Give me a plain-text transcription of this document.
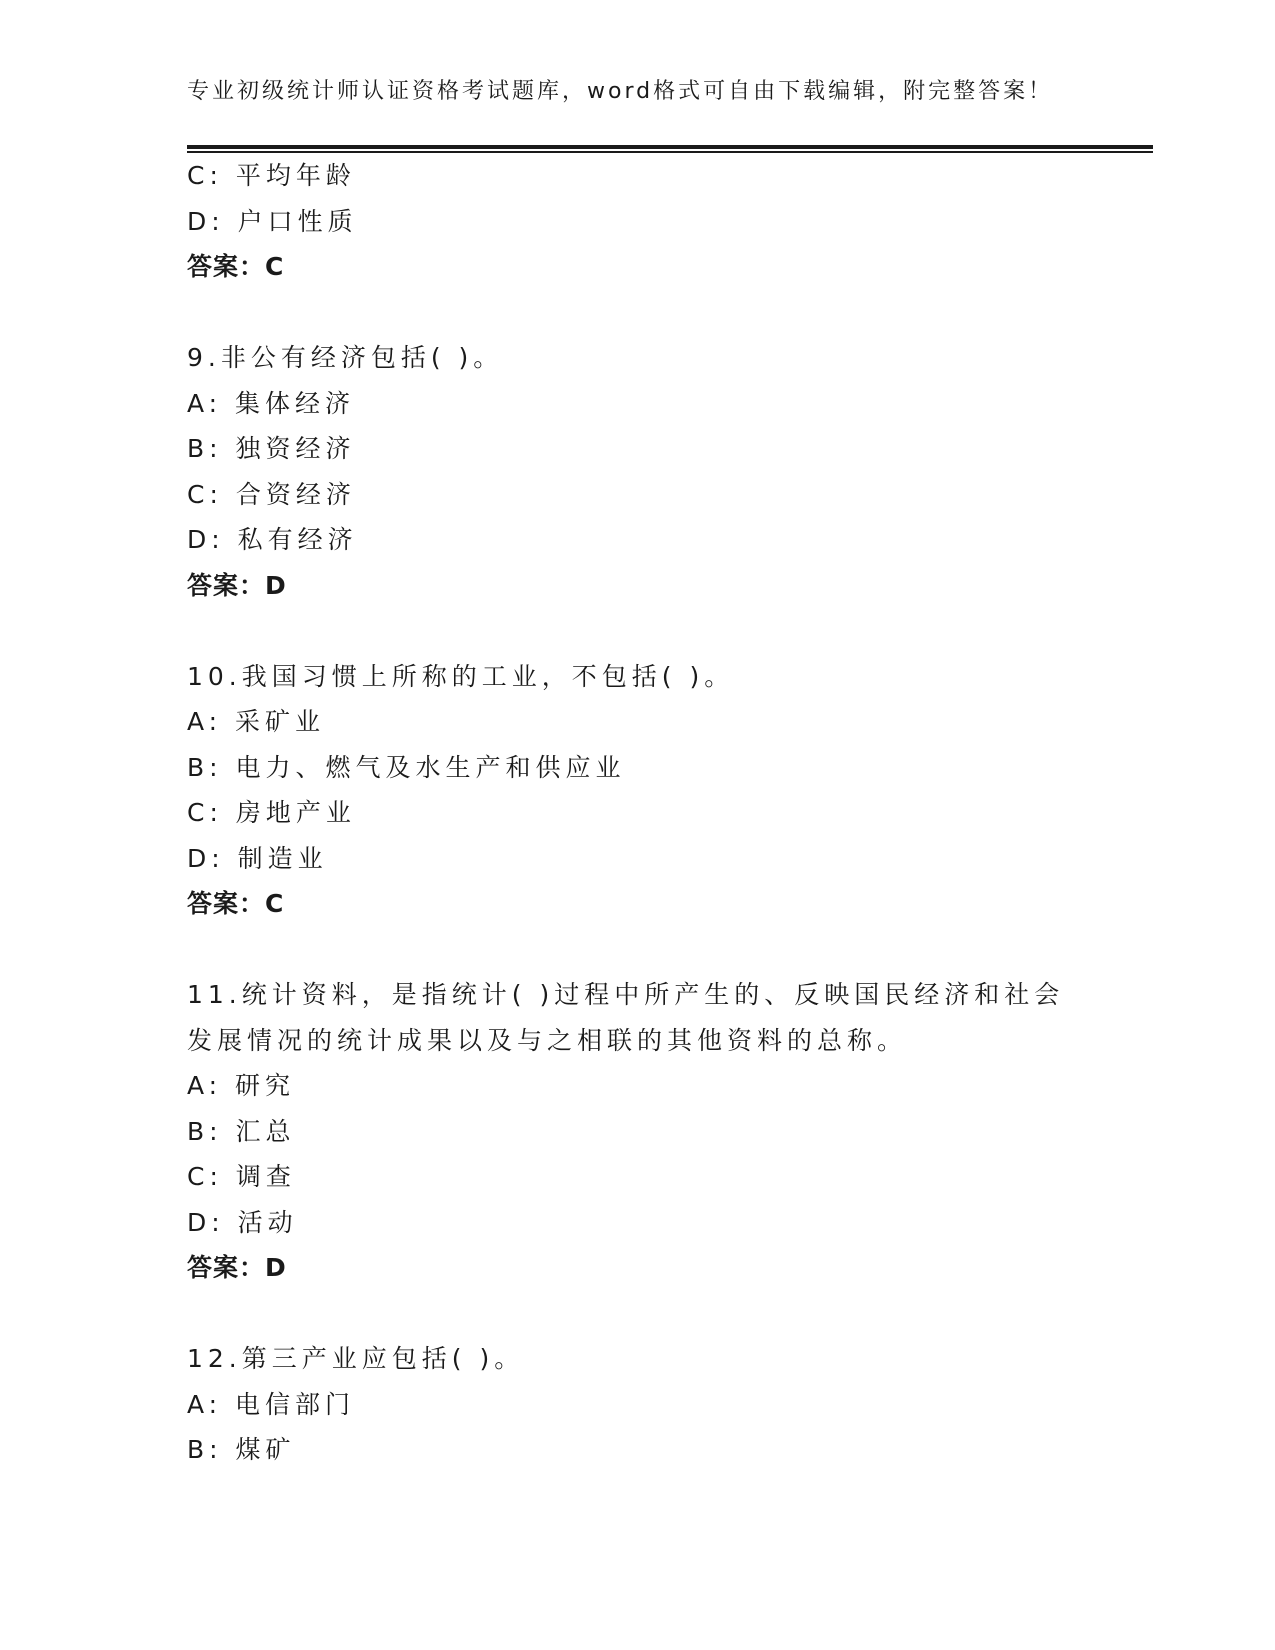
专业初级统计师认证资格考试题库，word格式可自由下载编辑，附完整答案！
C: 平均年龄
D: 户口性质
答案：C
9.非公有经济包括( )。
A: 集体经济
B: 独资经济
C: 合资经济
D: 私有经济
答案：D
10.我国习惯上所称的工业，不包括( )。
A: 采矿业
B: 电力、燃气及水生产和供应业
C: 房地产业
D: 制造业
答案：C
11.统计资料，是指统计( )过程中所产生的、反映国民经济和社会
发展情况的统计成果以及与之相联的其他资料的总称。
A: 研究
B: 汇总
C: 调查
D: 活动
答案：D
12.第三产业应包括( )。
A: 电信部门
B: 煤矿
